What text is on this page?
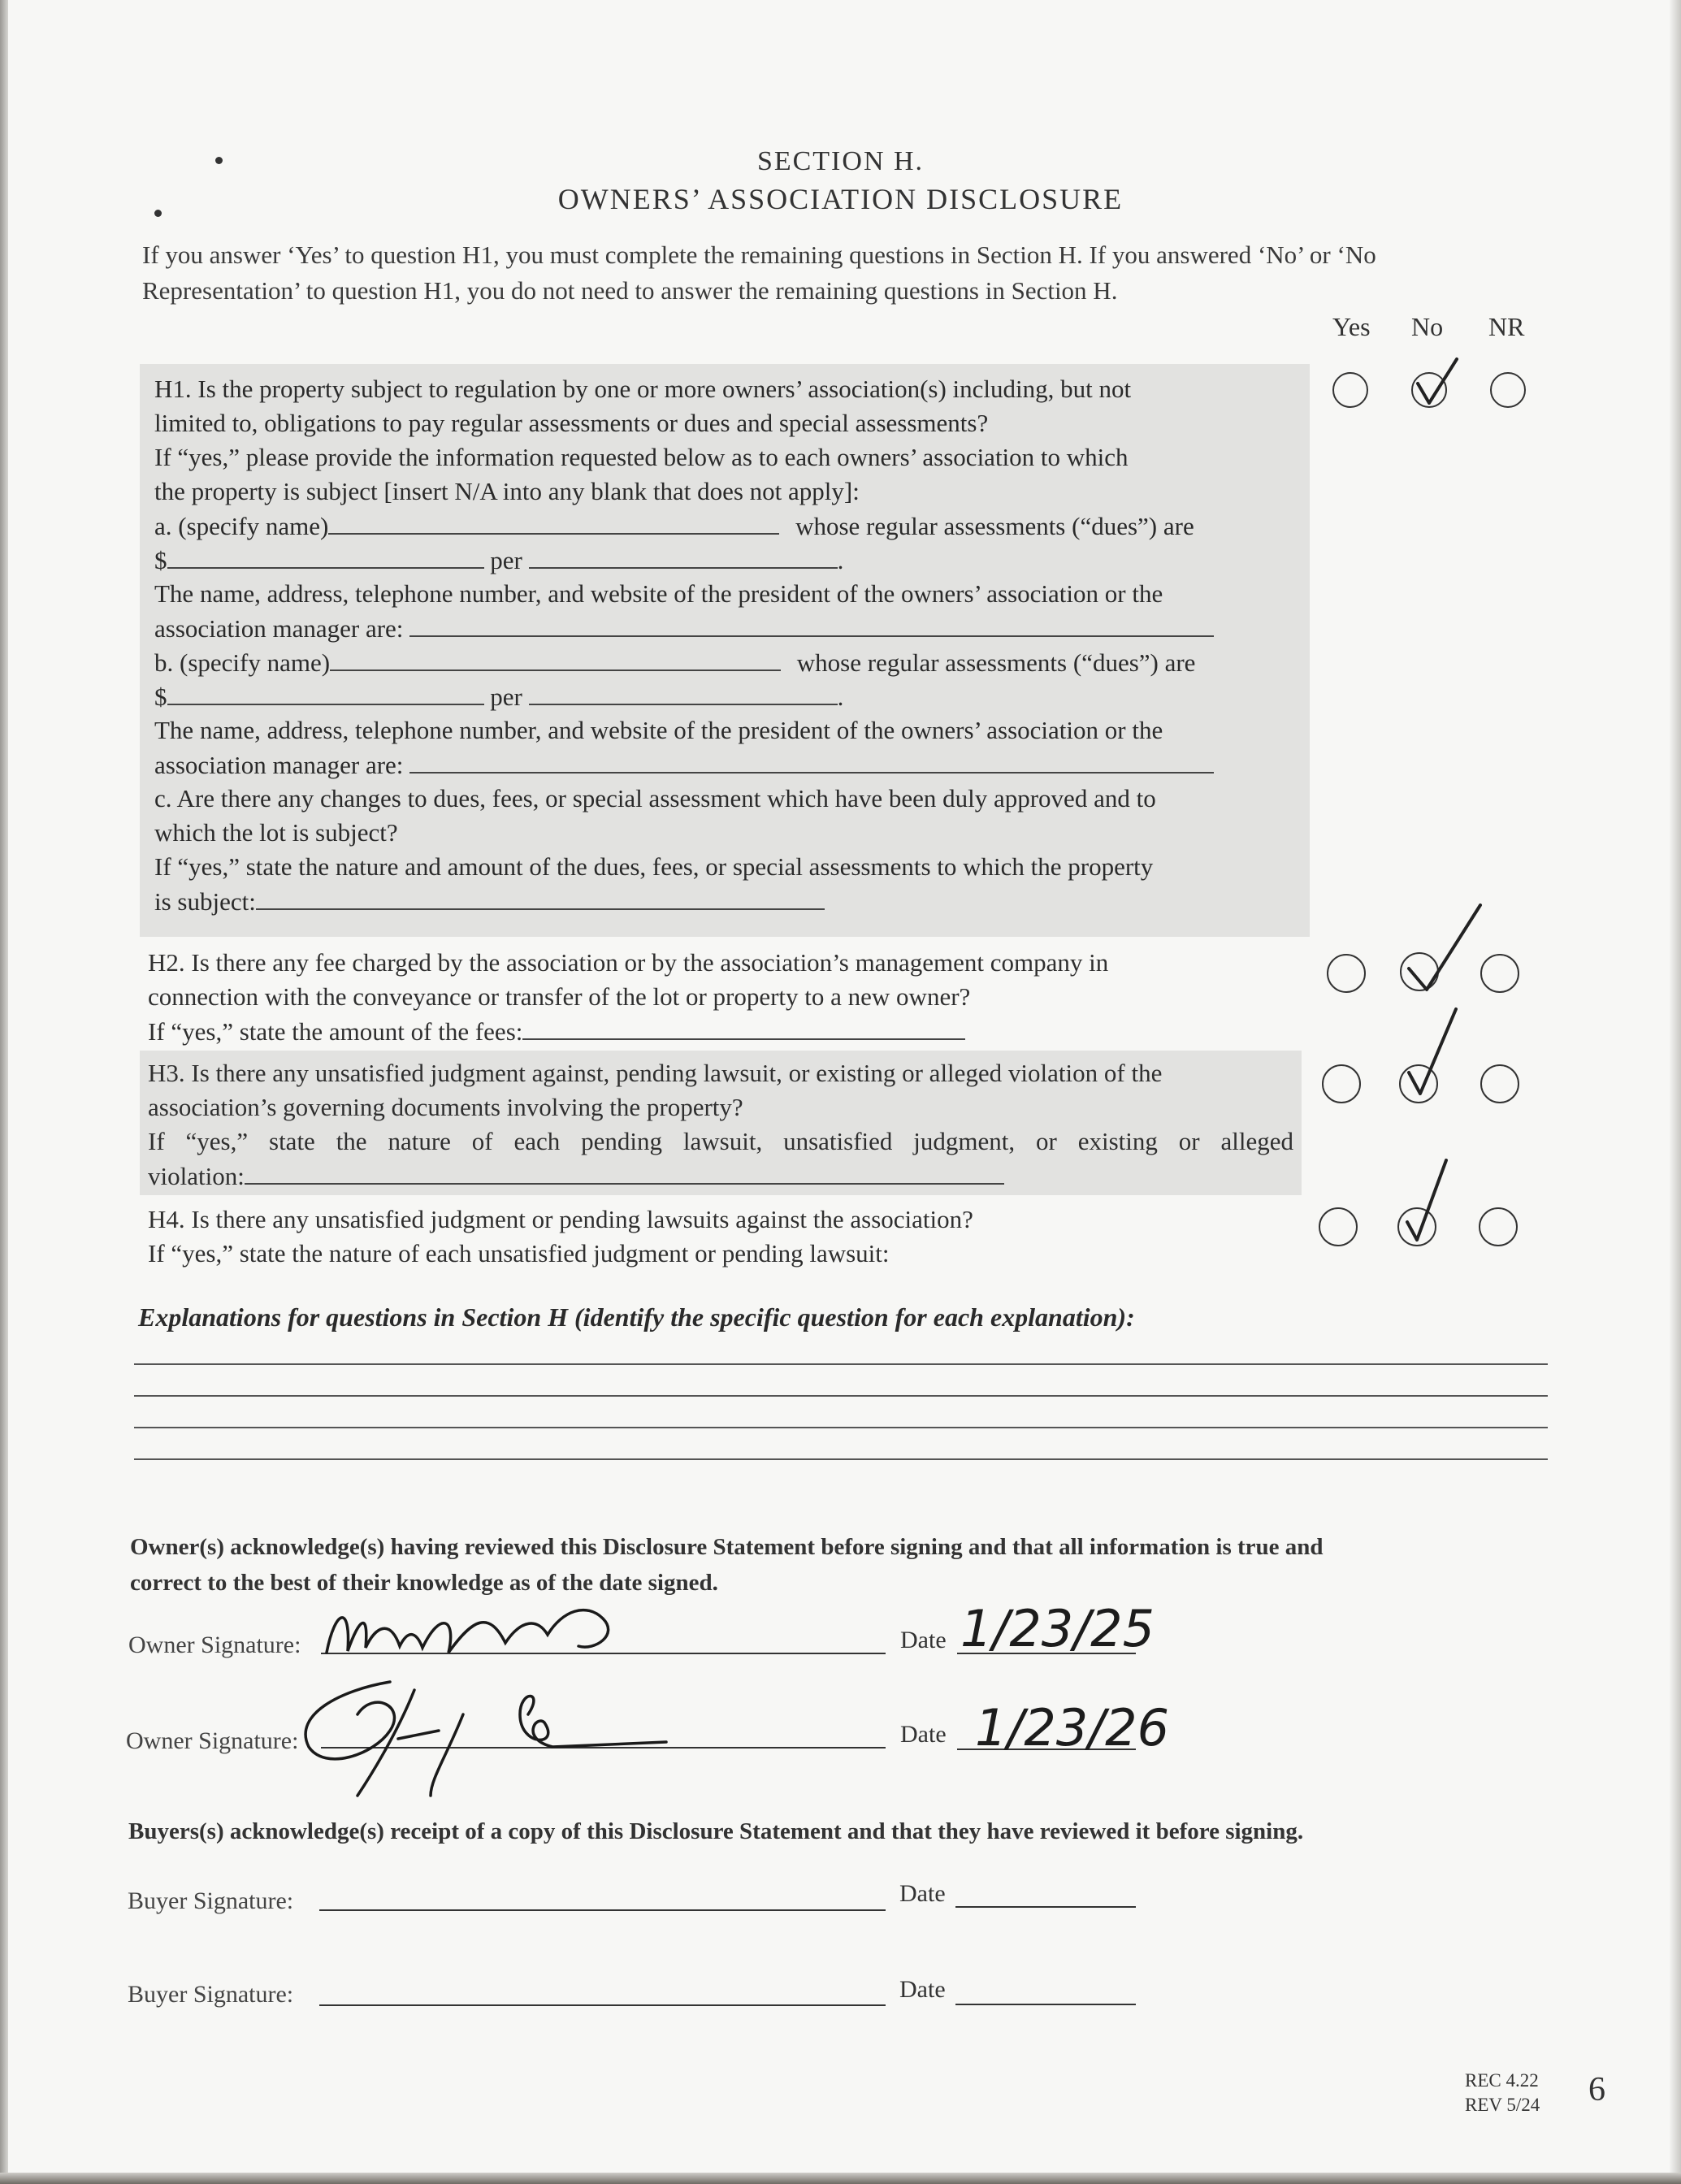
SECTION H.
OWNERS’ ASSOCIATION DISCLOSURE
If you answer ‘Yes’ to question H1, you must complete the remaining questions in Section H. If you answered ‘No’ or ‘No
Representation’ to question H1, you do not need to answer the remaining questions in Section H.
Yes No NR
H1. Is the property subject to regulation by one or more owners’ association(s) including, but not
limited to, obligations to pay regular assessments or dues and special assessments?
If “yes,” please provide the information requested below as to each owners’ association to which
the property is subject [insert N/A into any blank that does not apply]:
a. (specify name)	whose regular assessments (“dues”) are
$	per	.
The name, address, telephone number, and website of the president of the owners’ association or the
association manager are:
b. (specify name)	whose regular assessments (“dues”) are
$	per	.
The name, address, telephone number, and website of the president of the owners’ association or the
association manager are:
c. Are there any changes to dues, fees, or special assessment which have been duly approved and to
which the lot is subject?
If “yes,” state the nature and amount of the dues, fees, or special assessments to which the property
is subject:
H2. Is there any fee charged by the association or by the association’s management company in
connection with the conveyance or transfer of the lot or property to a new owner?
If “yes,” state the amount of the fees:
H3. Is there any unsatisfied judgment against, pending lawsuit, or existing or alleged violation of the
association’s governing documents involving the property?
If “yes,” state the nature of each pending lawsuit, unsatisfied judgment, or existing or alleged
violation:
H4. Is there any unsatisfied judgment or pending lawsuits against the association?
If “yes,” state the nature of each unsatisfied judgment or pending lawsuit:
Explanations for questions in Section H (identify the specific question for each explanation):
Owner(s) acknowledge(s) having reviewed this Disclosure Statement before signing and that all information is true and
correct to the best of their knowledge as of the date signed.
Owner Signature:	Date 1/23/25
Owner Signature:	Date 1/23/26
Buyers(s) acknowledge(s) receipt of a copy of this Disclosure Statement and that they have reviewed it before signing.
Buyer Signature:	Date
Buyer Signature:	Date
REC 4.22
REV 5/24 6
